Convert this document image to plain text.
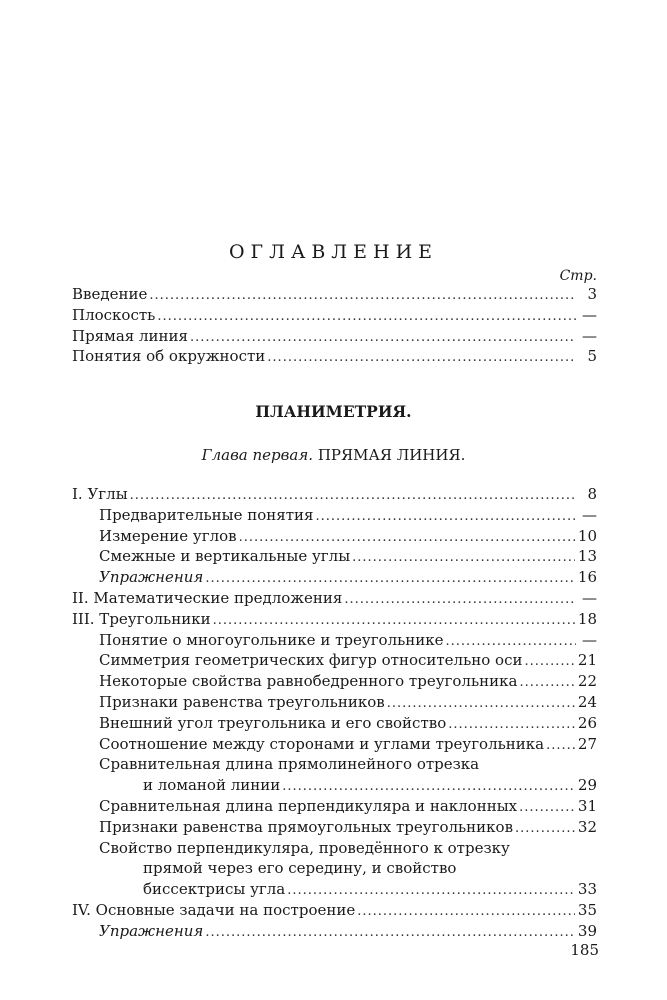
ОГЛАВЛЕНИЕ
Стр.
Введение .....	3
Плоскость .....	—
Прямая линия .....	—
Понятия об окружности .....	5
ПЛАНИМЕТРИЯ.
Глава первая. ПРЯМАЯ ЛИНИЯ.
I. Углы .....	8
Предварительные понятия .....	—
Измерение углов .....	10
Смежные и вертикальные углы .....	13
Упражнения .....	16
II. Математические предложения .....	—
III. Треугольники .....	18
Понятие о многоугольнике и треугольнике .....	—
Симметрия геометрических фигур относительно оси .....	21
Некоторые свойства равнобедренного треугольника .....	22
Признаки равенства треугольников .....	24
Внешний угол треугольника и его свойство .....	26
Соотношение между сторонами и углами треугольника ..... 27
Сравнительная длина прямолинейного отрезка
и ломаной линии .....	29
Сравнительная длина перпендикуляра и наклонных .....	31
Признаки равенства прямоугольных треугольников .....	32
Свойство перпендикуляра, проведённого к отрезку
прямой через его середину, и свойство
биссектрисы угла .....	33
IV. Основные задачи на построение .....	35
Упражнения .....	39
185
